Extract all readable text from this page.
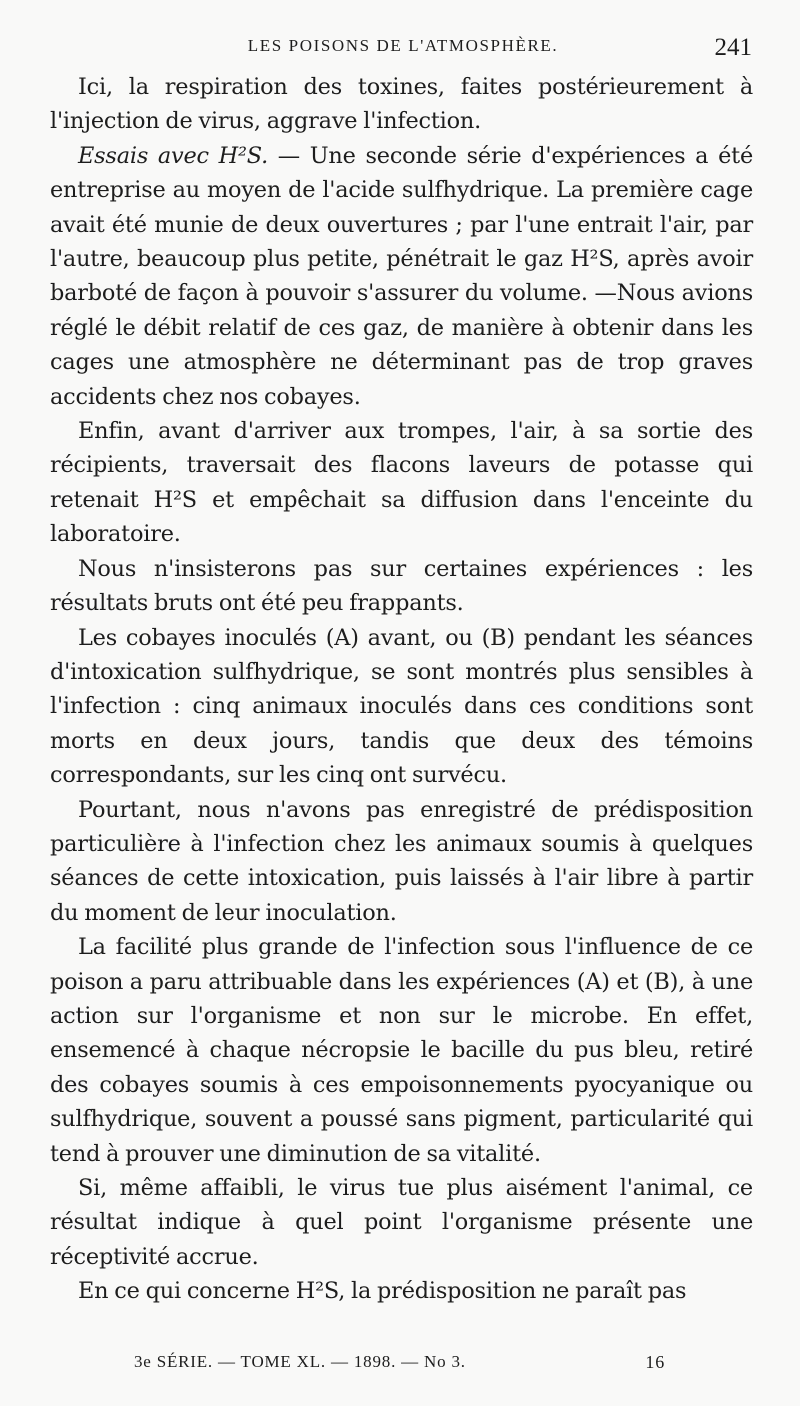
LES POISONS DE L'ATMOSPHÈRE.	241

Ici, la respiration des toxines, faites postérieurement à l'injection de virus, aggrave l'infection.

Essais avec H²S. — Une seconde série d'expériences a été entreprise au moyen de l'acide sulfhydrique. La première cage avait été munie de deux ouvertures ; par l'une entrait l'air, par l'autre, beaucoup plus petite, pénétrait le gaz H²S, après avoir barboté de façon à pouvoir s'assurer du volume. —Nous avions réglé le débit relatif de ces gaz, de manière à obtenir dans les cages une atmosphère ne déterminant pas de trop graves accidents chez nos cobayes.

Enfin, avant d'arriver aux trompes, l'air, à sa sortie des récipients, traversait des flacons laveurs de potasse qui retenait H²S et empêchait sa diffusion dans l'enceinte du laboratoire.

Nous n'insisterons pas sur certaines expériences : les résultats bruts ont été peu frappants.

Les cobayes inoculés (A) avant, ou (B) pendant les séances d'intoxication sulfhydrique, se sont montrés plus sensibles à l'infection : cinq animaux inoculés dans ces conditions sont morts en deux jours, tandis que deux des témoins correspondants, sur les cinq ont survécu.

Pourtant, nous n'avons pas enregistré de prédisposition particulière à l'infection chez les animaux soumis à quelques séances de cette intoxication, puis laissés à l'air libre à partir du moment de leur inoculation.

La facilité plus grande de l'infection sous l'influence de ce poison a paru attribuable dans les expériences (A) et (B), à une action sur l'organisme et non sur le microbe. En effet, ensemencé à chaque nécropsie le bacille du pus bleu, retiré des cobayes soumis à ces empoisonnements pyocyanique ou sulfhydrique, souvent a poussé sans pigment, particularité qui tend à prouver une diminution de sa vitalité.

Si, même affaibli, le virus tue plus aisément l'animal, ce résultat indique à quel point l'organisme présente une réceptivité accrue.

En ce qui concerne H²S, la prédisposition ne paraît pas

3e SÉRIE. — TOME XL. — 1898. — No 3.	16
